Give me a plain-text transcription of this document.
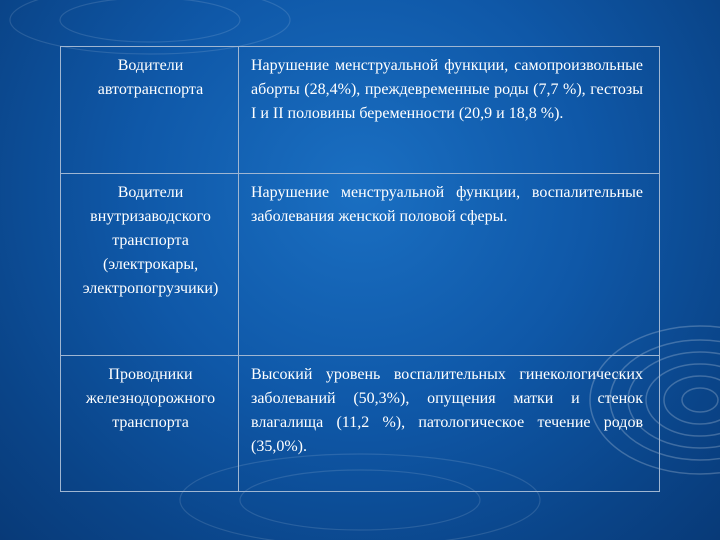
Водители автотранспорта	Нарушение менструальной функции, самопроизвольные аборты (28,4%), преждевременные роды (7,7 %), гестозы I и II половины беременности (20,9 и 18,8 %).
Водители внутризаводского транспорта (электрокары, электропогрузчики)	Нарушение менструальной функции, воспалительные заболевания женской половой сферы.
Проводники железнодорожного транспорта	Высокий уровень воспалительных гинекологических заболеваний (50,3%), опущения матки и стенок влагалища (11,2 %), патологическое течение родов (35,0%).
